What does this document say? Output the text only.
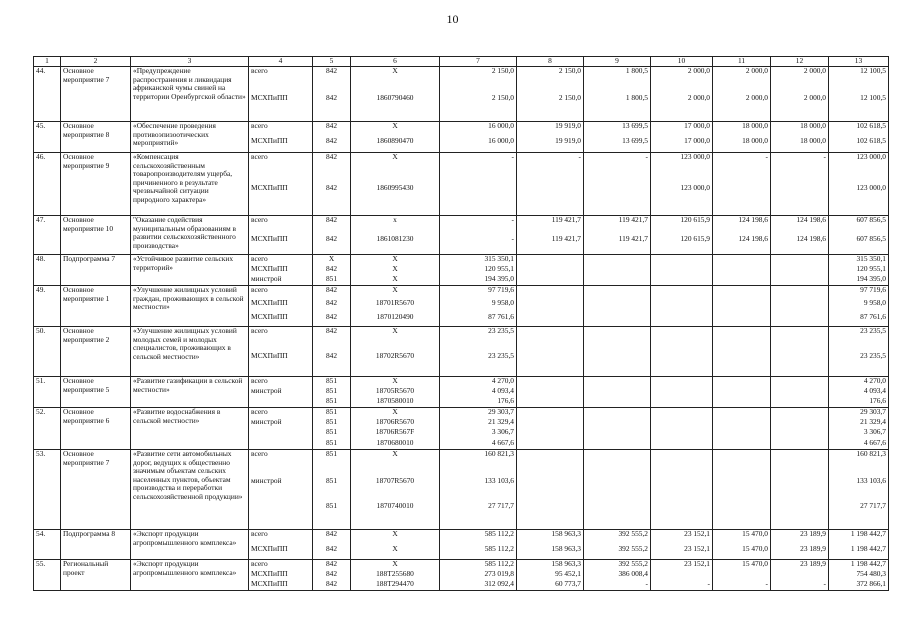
10
1	2	3	4	5	6	7	8	9	10	11	12	13
44.	Основное мероприятие 7	«Предупреждение распространения и ликвидация африканской чумы свиней на территории Оренбургской области»	всего	842	Х	2 150,0	2 150,0	1 800,5	2 000,0	2 000,0	2 000,0	12 100,5
			МСХПиПП	842	1860790460	2 150,0	2 150,0	1 800,5	2 000,0	2 000,0	2 000,0	12 100,5
45.	Основное мероприятие 8	«Обеспечение проведения противоэпизоотических мероприятий»	всего	842	Х	16 000,0	19 919,0	13 699,5	17 000,0	18 000,0	18 000,0	102 618,5
			МСХПиПП	842	1860890470	16 000,0	19 919,0	13 699,5	17 000,0	18 000,0	18 000,0	102 618,5
46.	Основное мероприятие 9	«Компенсация сельскохозяйственным товаропроизводителям ущерба, причиненного в результате чрезвычайной ситуации природного характера»	всего	842	Х	-	-	-	123 000,0	-	-	123 000,0
			МСХПиПП	842	1860995430				123 000,0			123 000,0
47.	Основное мероприятие 10	"Оказание содействия муниципальным образованиям в развитии сельскохозяйственного производства»	всего	842	х	-	119 421,7	119 421,7	120 615,9	124 198,6	124 198,6	607 856,5
			МСХПиПП	842	1861081230	-	119 421,7	119 421,7	120 615,9	124 198,6	124 198,6	607 856,5
48.	Подпрограмма 7	«Устойчивое развитие сельских территорий»	всего	Х	Х	315 350,1						315 350,1
			МСХПиПП	842	Х	120 955,1						120 955,1
			минстрой	851	Х	194 395,0						194 395,0
49.	Основное мероприятие 1	«Улучшение жилищных условий граждан, проживающих в сельской местности»	всего	842	Х	97 719,6						97 719,6
			МСХПиПП	842	18701R5670	9 958,0						9 958,0
			МСХПиПП	842	1870120490	87 761,6						87 761,6
50.	Основное мероприятие 2	«Улучшение жилищных условий молодых семей и молодых специалистов, проживающих в сельской местности»	всего	842	Х	23 235,5						23 235,5
			МСХПиПП	842	18702R5670	23 235,5						23 235,5
51.	Основное мероприятие 5	«Развитие газификации в сельской местности»	всего	851	Х	4 270,0						4 270,0
			минстрой	851	18705R5670	4 093,4						4 093,4
				851	1870580010	176,6						176,6
52.	Основное мероприятие 6	«Развитие водоснабжения в сельской местности»	всего	851	Х	29 303,7						29 303,7
			минстрой	851	18706R5670	21 329,4						21 329,4
				851	18706R567F	3 306,7						3 306,7
				851	1870680010	4 667,6						4 667,6
53.	Основное мероприятие 7	«Развитие сети автомобильных дорог, ведущих к общественно значимым объектам сельских населенных пунктов, объектам производства и переработки сельскохозяйственной продукции»	всего	851	Х	160 821,3						160 821,3
			минстрой	851	18707R5670	133 103,6						133 103,6
				851	1870740010	27 717,7						27 717,7
54.	Подпрограмма 8	«Экспорт продукции агропромышленного комплекса»	всего	842	Х	585 112,2	158 963,3	392 555,2	23 152,1	15 470,0	23 189,9	1 198 442,7
			МСХПиПП	842	Х	585 112,2	158 963,3	392 555,2	23 152,1	15 470,0	23 189,9	1 198 442,7
55.	Региональный проект	«Экспорт продукции агропромышленного комплекса»	всего	842	Х	585 112,2	158 963,3	392 555,2	23 152,1	15 470,0	23 189,9	1 198 442,7
			МСХПиПП	842	188T255680	273 019,8	95 452,1	386 008,4				754 480,3
			МСХПиПП	842	188T294470	312 092,4	60 773,7	-	-	-	-	372 866,1
